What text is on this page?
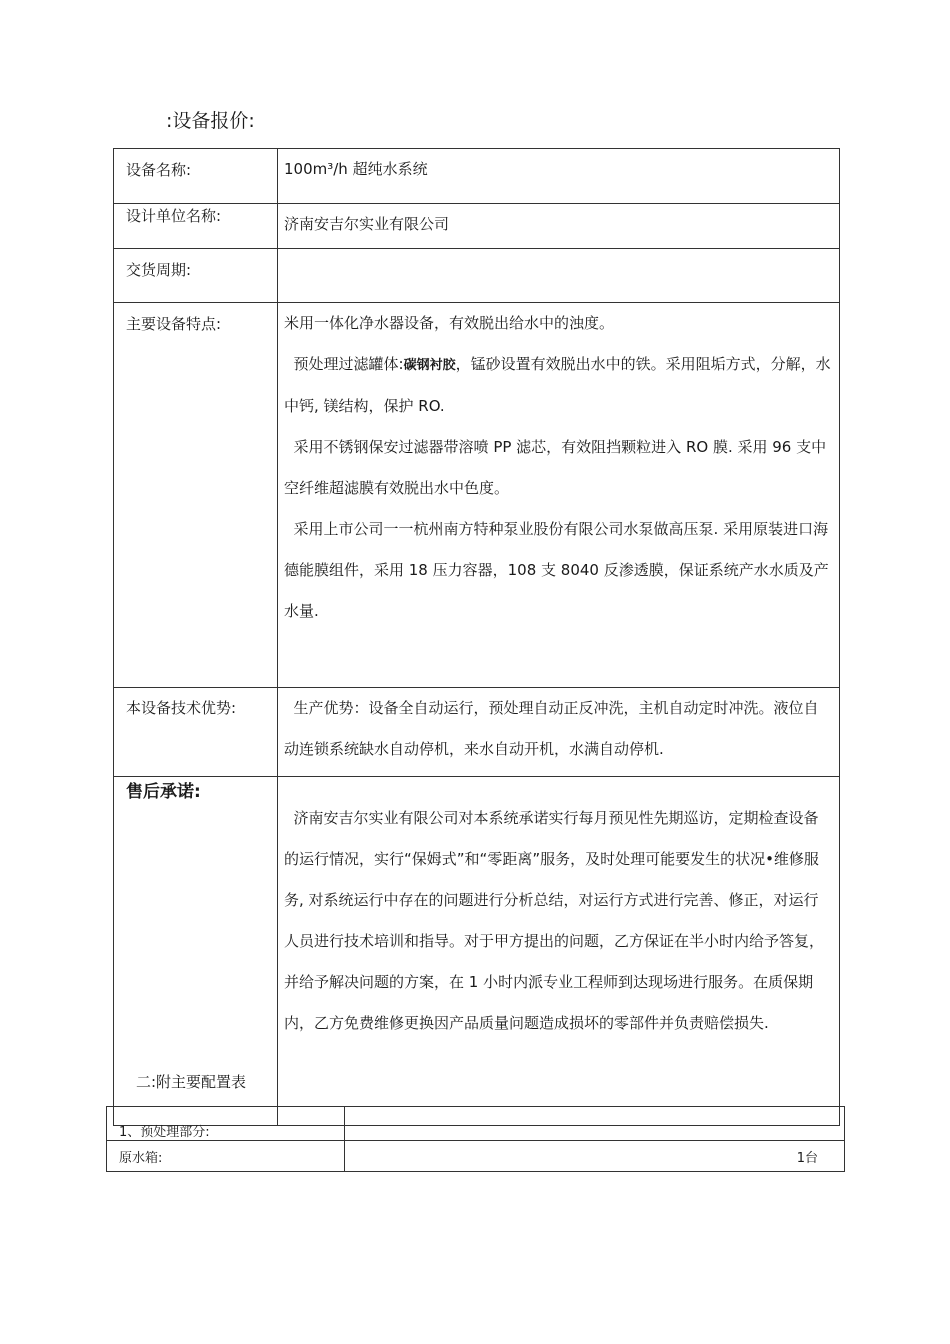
:设备报价:
设备名称:	100m³/h 超纯水系统

设计单位名称:	济南安吉尔实业有限公司

交货周期:	
主要设备特点:	米用一体化净水器设备，有效脱出给水中的浊度。

预处理过滤罐体:碳钢衬胶，锰砂设置有效脱出水中的铁。采用阻垢方式，分解，水中钙, 镁结构，保护 RO.

采用不锈钢保安过滤器带溶喷 PP 滤芯，有效阻挡颗粒进入 RO 膜. 采用 96 支中空纤维超滤膜有效脱出水中色度。

采用上市公司一一杭州南方特种泵业股份有限公司水泵做高压泵. 采用原装进口海德能膜组件，采用 18 压力容器，108 支 8040 反渗透膜，保证系统产水水质及产水量.

本设备技术优势:	生产优势：设备全自动运行，预处理自动正反冲洗，主机自动定时冲洗。液位自动连锁系统缺水自动停机，来水自动开机，水满自动停机.

售后承诺:	济南安吉尔实业有限公司对本系统承诺实行每月预见性先期巡访，定期检查设备的运行情况，实行“保姆式”和“零距离”服务，及时处理可能要发生的状况•维修服务, 对系统运行中存在的问题进行分析总结，对运行方式进行完善、修正，对运行人员进行技术培训和指导。对于甲方提出的问题，乙方保证在半小时内给予答复，并给予解决问题的方案，在 1 小时内派专业工程师到达现场进行服务。在质保期内，乙方免费维修更换因产品质量问题造成损坏的零部件并负责赔偿损失.

二:附主要配置表
1、预处理部分:	
原水箱:	1台
